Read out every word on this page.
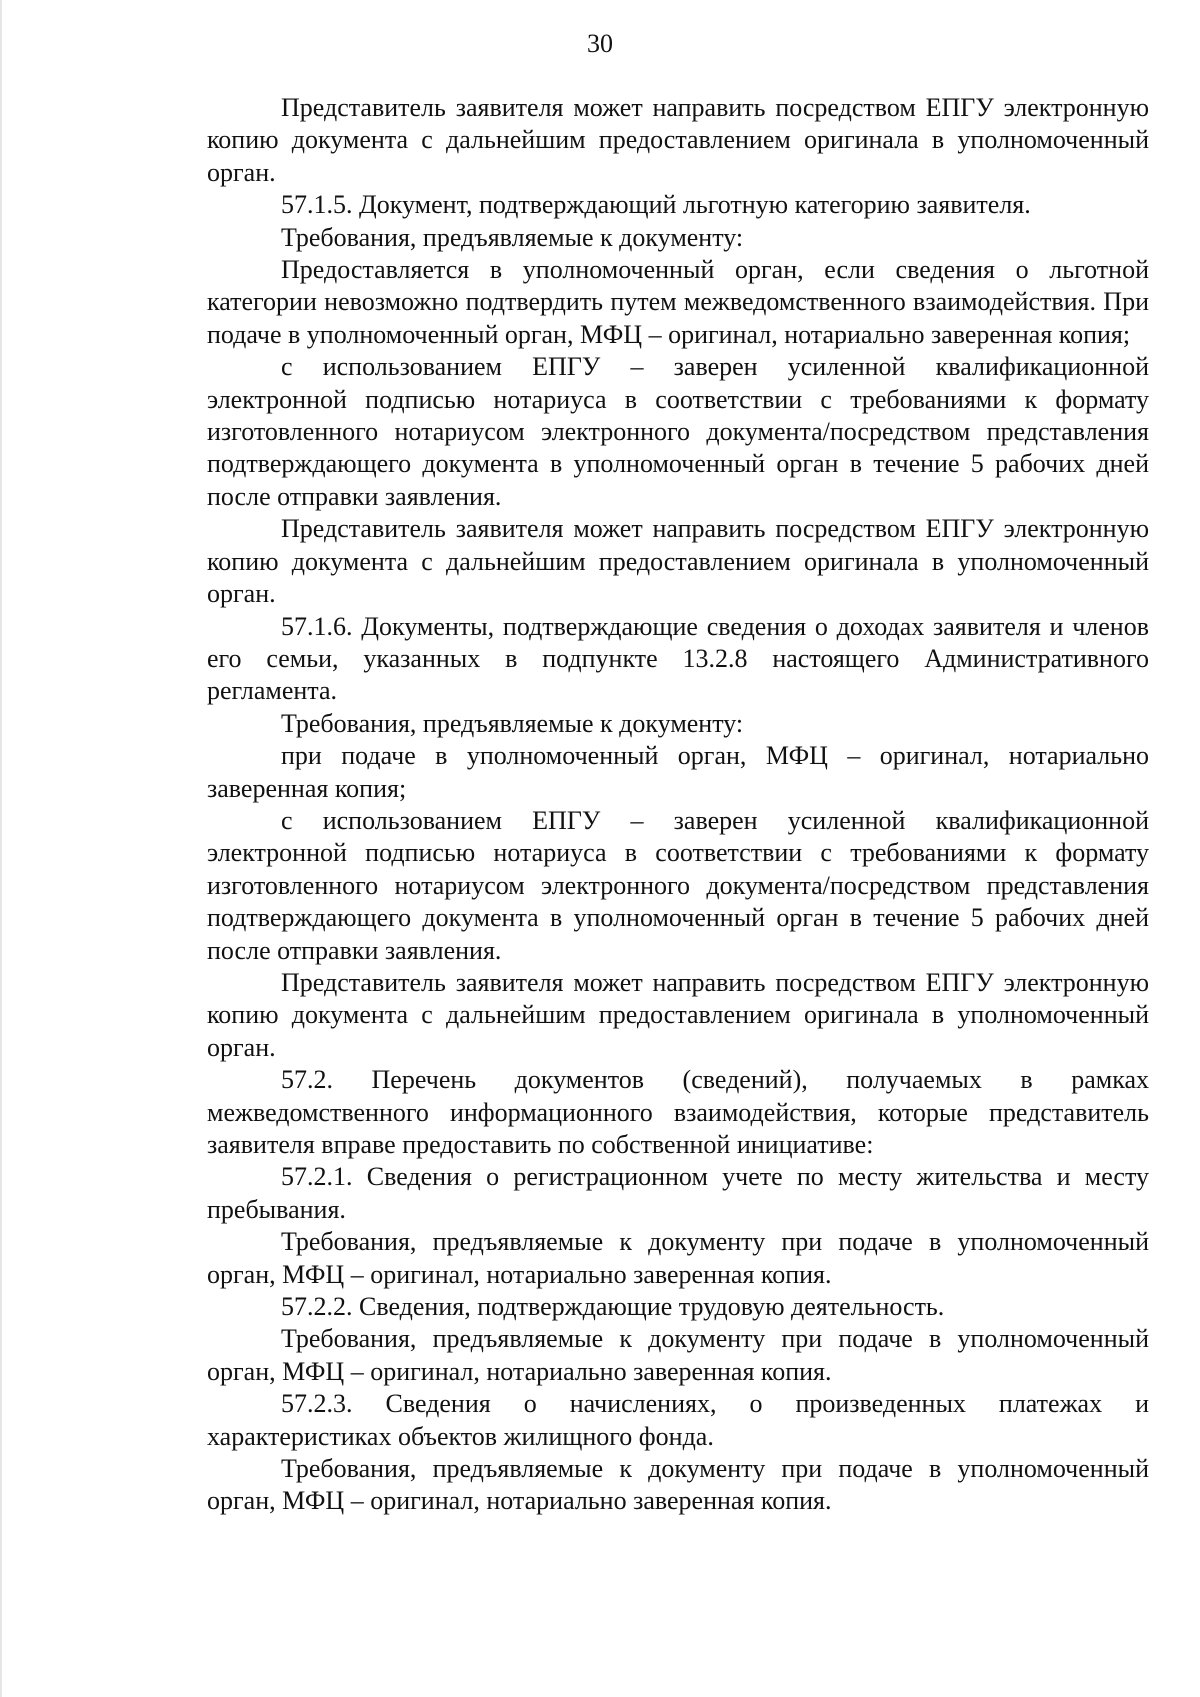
30

Представитель заявителя может направить посредством ЕПГУ электронную копию документа с дальнейшим предоставлением оригинала в уполномоченный орган.

57.1.5. Документ, подтверждающий льготную категорию заявителя.

Требования, предъявляемые к документу:

Предоставляется в уполномоченный орган, если сведения о льготной категории невозможно подтвердить путем межведомственного взаимодействия. При подаче в уполномоченный орган, МФЦ – оригинал, нотариально заверенная копия;

с использованием ЕПГУ – заверен усиленной квалификационной электронной подписью нотариуса в соответствии с требованиями к формату изготовленного нотариусом электронного документа/посредством представления подтверждающего документа в уполномоченный орган в течение 5 рабочих дней после отправки заявления.

Представитель заявителя может направить посредством ЕПГУ электронную копию документа с дальнейшим предоставлением оригинала в уполномоченный орган.

57.1.6. Документы, подтверждающие сведения о доходах заявителя и членов его семьи, указанных в подпункте 13.2.8 настоящего Административного регламента.

Требования, предъявляемые к документу:

при подаче в уполномоченный орган, МФЦ – оригинал, нотариально заверенная копия;

с использованием ЕПГУ – заверен усиленной квалификационной электронной подписью нотариуса в соответствии с требованиями к формату изготовленного нотариусом электронного документа/посредством представления подтверждающего документа в уполномоченный орган в течение 5 рабочих дней после отправки заявления.

Представитель заявителя может направить посредством ЕПГУ электронную копию документа с дальнейшим предоставлением оригинала в уполномоченный орган.

57.2. Перечень документов (сведений), получаемых в рамках межведомственного информационного взаимодействия, которые представитель заявителя вправе предоставить по собственной инициативе:

57.2.1. Сведения о регистрационном учете по месту жительства и месту пребывания.

Требования, предъявляемые к документу при подаче в уполномоченный орган, МФЦ – оригинал, нотариально заверенная копия.

57.2.2. Сведения, подтверждающие трудовую деятельность.

Требования, предъявляемые к документу при подаче в уполномоченный орган, МФЦ – оригинал, нотариально заверенная копия.

57.2.3. Сведения о начислениях, о произведенных платежах и характеристиках объектов жилищного фонда.

Требования, предъявляемые к документу при подаче в уполномоченный орган, МФЦ – оригинал, нотариально заверенная копия.
